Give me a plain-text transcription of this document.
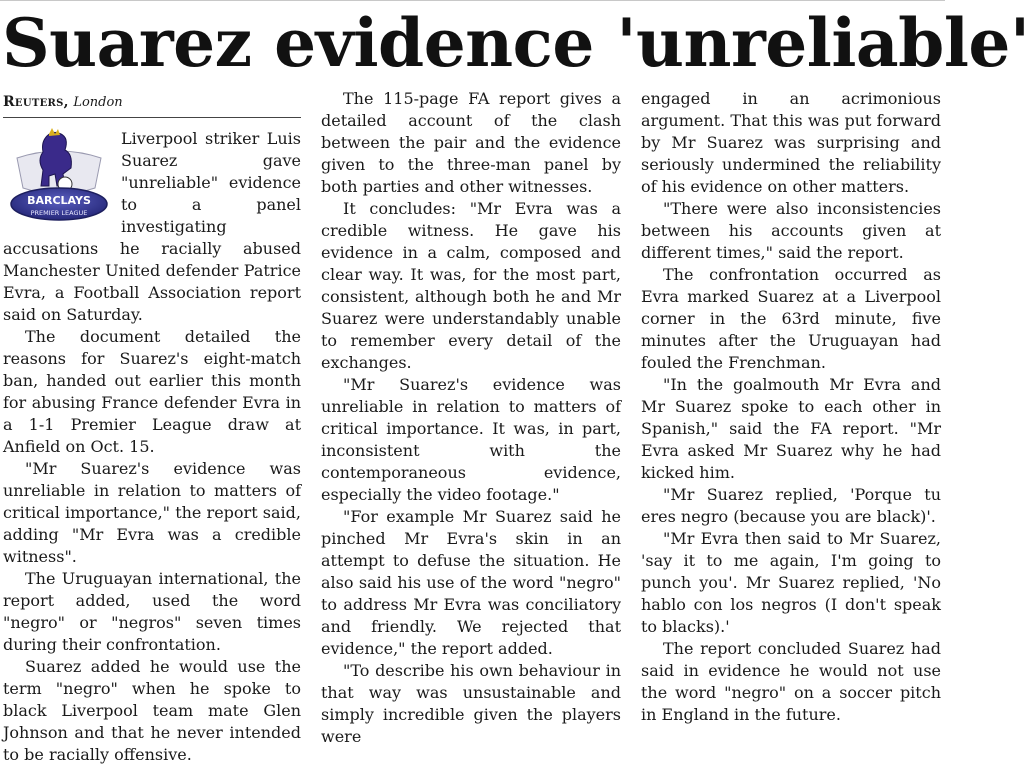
Suarez evidence 'unreliable'
Reuters, London
BARCLAYS
PREMIER LEAGUE

Liverpool striker Luis Suarez gave "unreliable" evidence to a panel investigating accusations he racially abused Manchester United defender Patrice Evra, a Football Association report said on Saturday.

The document detailed the reasons for Suarez's eight-match ban, handed out earlier this month for abusing France defender Evra in a 1-1 Premier League draw at Anfield on Oct. 15.

"Mr Suarez's evidence was unreliable in relation to matters of critical importance," the report said, adding "Mr Evra was a credible witness".

The Uruguayan international, the report added, used the word "negro" or "negros" seven times during their confrontation.

Suarez added he would use the term "negro" when he spoke to black Liverpool team mate Glen Johnson and that he never intended to be racially offensive.

The 115-page FA report gives a detailed account of the clash between the pair and the evidence given to the three-man panel by both parties and other witnesses.

It concludes: "Mr Evra was a credible witness. He gave his evidence in a calm, composed and clear way. It was, for the most part, consistent, although both he and Mr Suarez were understandably unable to remember every detail of the exchanges.

"Mr Suarez's evidence was unreliable in relation to matters of critical importance. It was, in part, inconsistent with the contemporaneous evidence, especially the video footage."

"For example Mr Suarez said he pinched Mr Evra's skin in an attempt to defuse the situation. He also said his use of the word "negro" to address Mr Evra was conciliatory and friendly. We rejected that evidence," the report added.

"To describe his own behaviour in that way was unsustainable and simply incredible given the players were

engaged in an acrimonious argument. That this was put forward by Mr Suarez was surprising and seriously undermined the reliability of his evidence on other matters.

"There were also inconsistencies between his accounts given at different times," said the report.

The confrontation occurred as Evra marked Suarez at a Liverpool corner in the 63rd minute, five minutes after the Uruguayan had fouled the Frenchman.

"In the goalmouth Mr Evra and Mr Suarez spoke to each other in Spanish," said the FA report. "Mr Evra asked Mr Suarez why he had kicked him.

"Mr Suarez replied, 'Porque tu eres negro (because you are black)'.

"Mr Evra then said to Mr Suarez, 'say it to me again, I'm going to punch you'. Mr Suarez replied, 'No hablo con los negros (I don't speak to blacks).'

The report concluded Suarez had said in evidence he would not use the word "negro" on a soccer pitch in England in the future.
